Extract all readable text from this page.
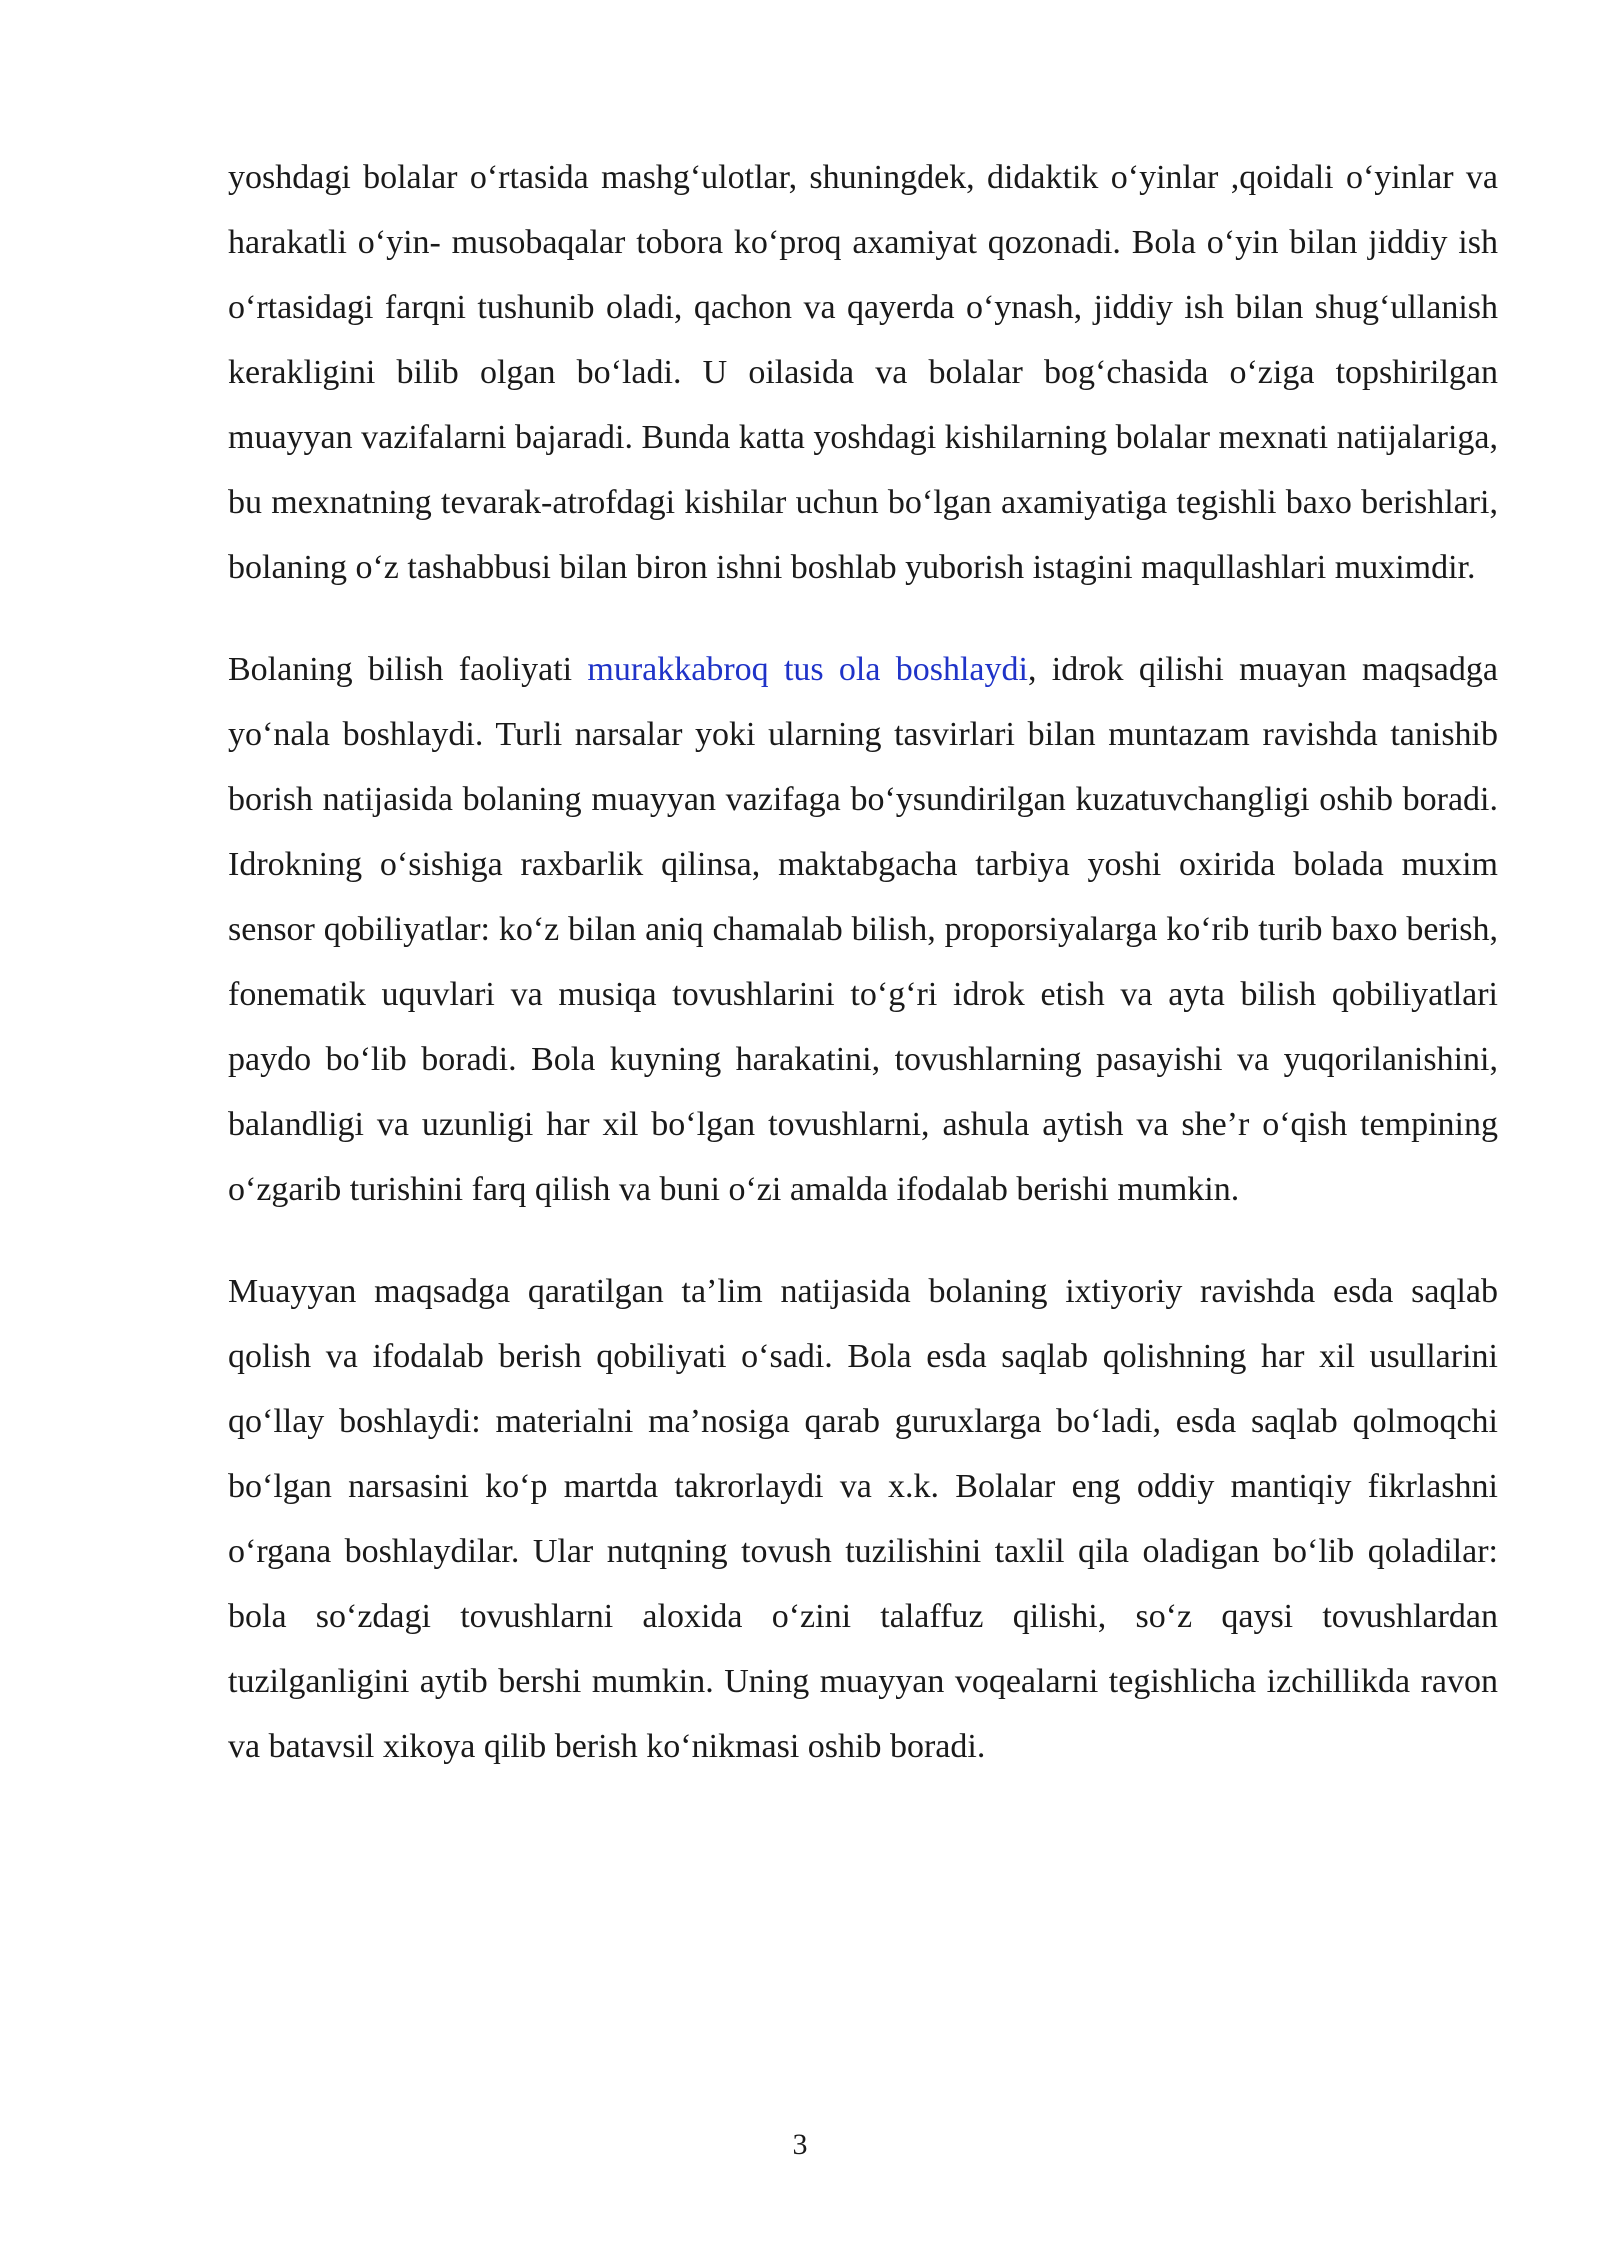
yoshdagi bolalar oʻrtasida mashgʻulotlar, shuningdek, didaktik oʻyinlar ,qoidali oʻyinlar va harakatli oʻyin- musobaqalar tobora koʻproq axamiyat qozonadi. Bola oʻyin bilan jiddiy ish oʻrtasidagi farqni tushunib oladi, qachon va qayerda oʻynash, jiddiy ish bilan shugʻullanish kerakligini bilib olgan boʻladi. U oilasida va bolalar bogʻchasida oʻziga topshirilgan muayyan vazifalarni bajaradi. Bunda katta yoshdagi kishilarning bolalar mexnati natijalariga, bu mexnatning tevarak-atrofdagi kishilar uchun boʻlgan axamiyatiga tegishli baxo berishlari, bolaning oʻz tashabbusi bilan biron ishni boshlab yuborish istagini maqullashlari muximdir.

Bolaning bilish faoliyati murakkabroq tus ola boshlaydi, idrok qilishi muayan maqsadga yoʻnala boshlaydi. Turli narsalar yoki ularning tasvirlari bilan muntazam ravishda tanishib borish natijasida bolaning muayyan vazifaga boʻysundirilgan kuzatuvchangligi oshib boradi. Idrokning oʻsishiga raxbarlik qilinsa, maktabgacha tarbiya yoshi oxirida bolada muxim sensor qobiliyatlar: koʻz bilan aniq chamalab bilish, proporsiyalarga koʻrib turib baxo berish, fonematik uquvlari va musiqa tovushlarini toʻgʻri idrok etish va ayta bilish qobiliyatlari paydo boʻlib boradi. Bola kuyning harakatini, tovushlarning pasayishi va yuqorilanishini, balandligi va uzunligi har xil boʻlgan tovushlarni, ashula aytish va she’r oʻqish tempining oʻzgarib turishini farq qilish va buni oʻzi amalda ifodalab berishi mumkin.

Muayyan maqsadga qaratilgan ta’lim natijasida bolaning ixtiyoriy ravishda esda saqlab qolish va ifodalab berish qobiliyati oʻsadi. Bola esda saqlab qolishning har xil usullarini qoʻllay boshlaydi: materialni ma’nosiga qarab guruxlarga boʻladi, esda saqlab qolmoqchi boʻlgan narsasini koʻp martda takrorlaydi va x.k. Bolalar eng oddiy mantiqiy fikrlashni oʻrgana boshlaydilar. Ular nutqning tovush tuzilishini taxlil qila oladigan boʻlib qoladilar: bola soʻzdagi tovushlarni aloxida oʻzini talaffuz qilishi, soʻz qaysi tovushlardan tuzilganligini aytib bershi mumkin. Uning muayyan voqealarni tegishlicha izchillikda ravon va batavsil xikoya qilib berish koʻnikmasi oshib boradi.

3
